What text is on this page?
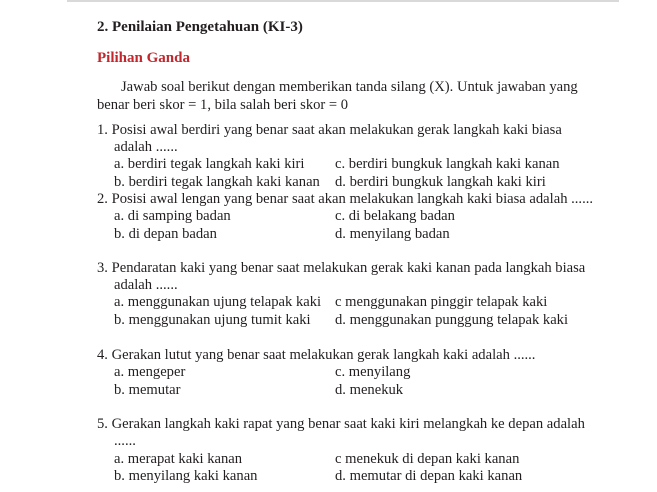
2. Penilaian Pengetahuan (KI-3)
Pilihan Ganda
Jawab soal berikut dengan memberikan tanda silang (X). Untuk jawaban yang
benar beri skor = 1, bila salah beri skor = 0
1. Posisi awal berdiri yang benar saat akan melakukan gerak langkah kaki biasa
adalah ......
a. berdiri tegak langkah kaki kiri c. berdiri bungkuk langkah kaki kanan
b. berdiri tegak langkah kaki kanan d. berdiri bungkuk langkah kaki kiri
2. Posisi awal lengan yang benar saat akan melakukan langkah kaki biasa adalah ......
a. di samping badan	c. di belakang badan
b. di depan badan	d. menyilang badan
3. Pendaratan kaki yang benar saat melakukan gerak kaki kanan pada langkah biasa
adalah ......
a. menggunakan ujung telapak kaki c menggunakan pinggir telapak kaki
b. menggunakan ujung tumit kaki d. menggunakan punggung telapak kaki
4. Gerakan lutut yang benar saat melakukan gerak langkah kaki adalah ......
a. mengeper	c. menyilang
b. memutar	d. menekuk
5. Gerakan langkah kaki rapat yang benar saat kaki kiri melangkah ke depan adalah
......
a. merapat kaki kanan	c menekuk di depan kaki kanan
b. menyilang kaki kanan	d. memutar di depan kaki kanan
